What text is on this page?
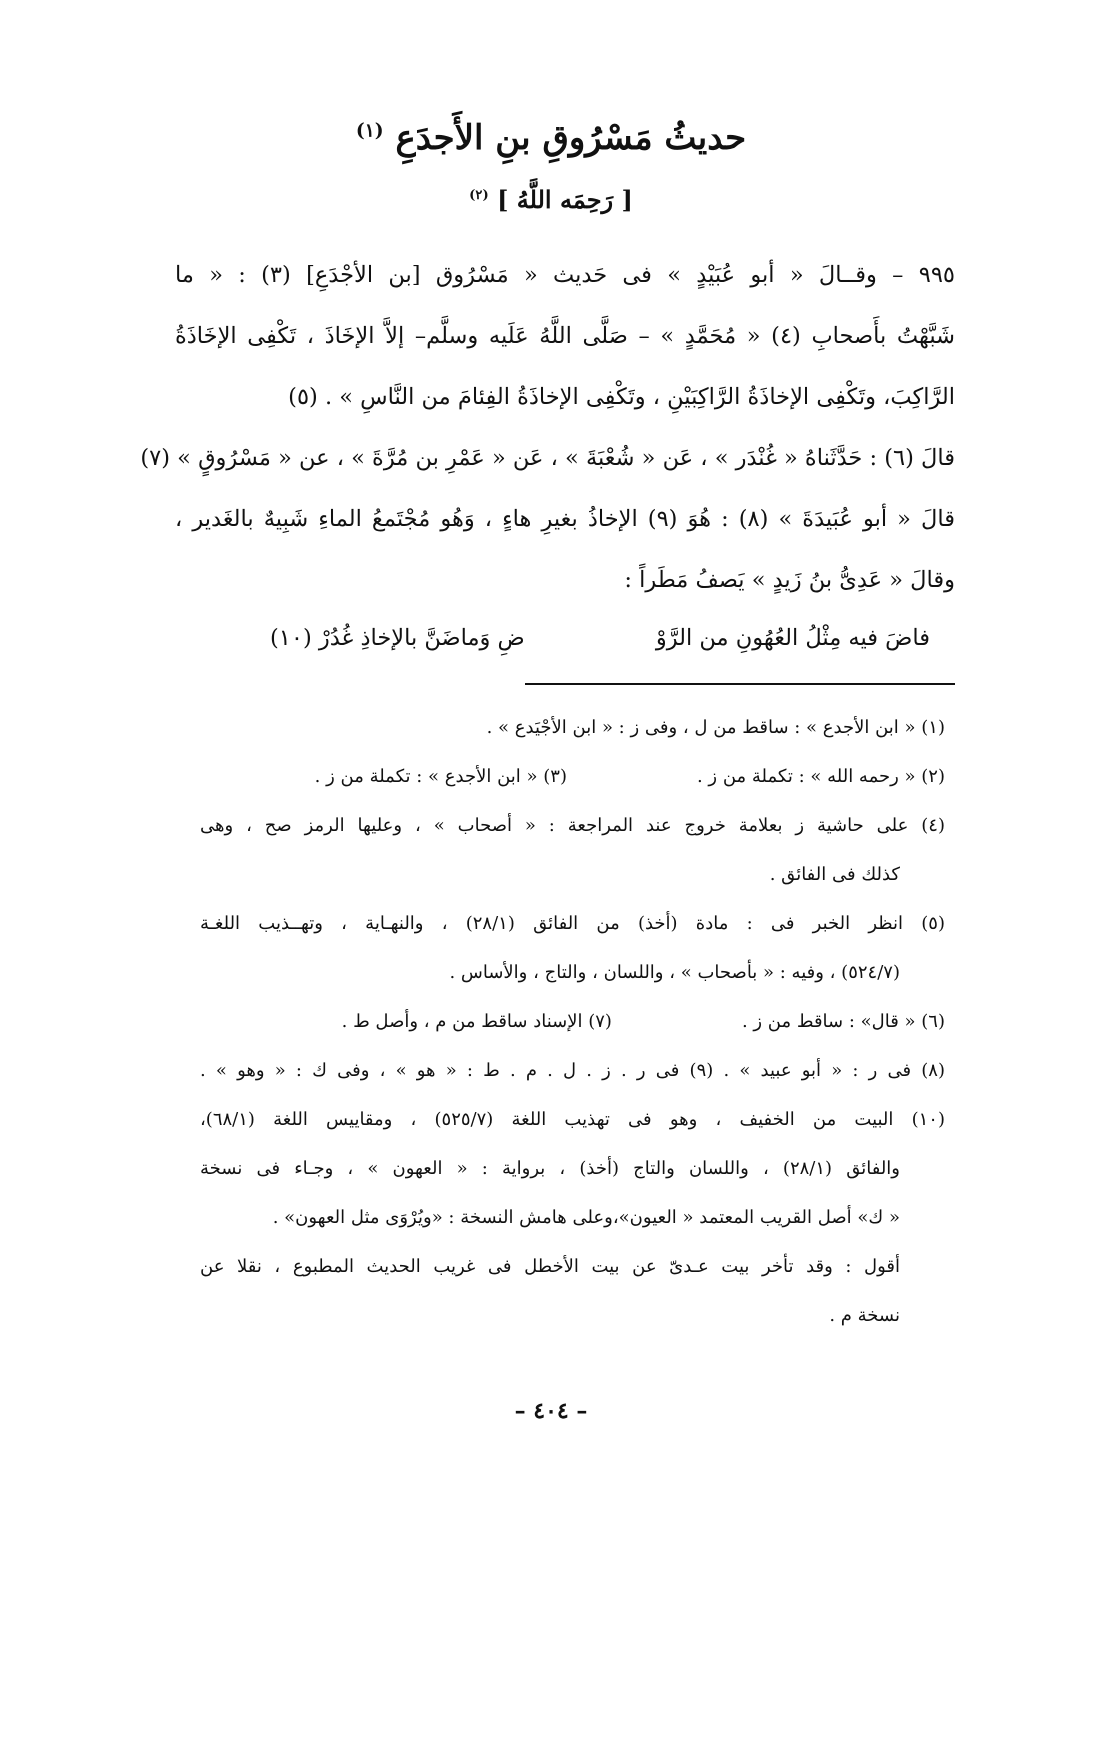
حديثُ مَسْرُوقِ بنِ الأَجدَعِ $^{(١)}$
[ رَحِمَه اللَّهُ ] $^{(٢)}$
٩٩٥ – وقــالَ « أبو عُبَيْدٍ » فى حَديث « مَسْرُوق [بن الأجْدَعِ] (٣) : « ما
شَبَّهْتُ بأَصحابِ (٤) « مُحَمَّدٍ » – صَلَّى اللَّهُ عَلَيه وسلَّم– إلاَّ الإخَاذَ ، تَكْفِى الإخَاذَةُ
الرَّاكِبَ، وتَكْفِى الإخاذَةُ الرَّاكِبَيْنِ ، وتَكْفِى الإخاذَةُ الفِئامَ من النَّاسِ » . (٥)
قالَ (٦) : حَدَّثَناهُ « غُنْدَر » ، عَن « شُعْبَةَ » ، عَن « عَمْرِ بن مُرَّةَ » ، عن « مَسْرُوقٍ » (٧)
قالَ « أبو عُبَيدَةَ » (٨) : هُوَ (٩) الإخاذُ بغيرِ هاءٍ ، وَهُو مُجْتَمعُ الماءِ شَبِيهٌ بالغَدير ،
وقالَ « عَدِىُّ بنُ زَيدٍ » يَصفُ مَطَراً :
فاضَ فيه مِثْلُ العُهُونِ من الرَّوْ
ضِ وَماضَنَّ بالإخاذِ غُدُرْ (١٠)
(١) « ابن الأجدع » : ساقط من ل ، وفى ز : « ابن الأجْيَدع » .
(٢) « رحمه الله » : تكملة من ز .
(٣) « ابن الأجدع » : تكملة من ز .
(٤) على حاشية ز بعلامة خروج عند المراجعة : « أصحاب » ، وعليها الرمز صح ، وهى
كذلك فى الفائق .
(٥) انظر الخبر فى : مادة (أخذ) من الفائق (٢٨/١) ، والنهـاية ، وتهــذيب اللغـة
(٥٢٤/٧) ، وفيه : « بأصحاب » ، واللسان ، والتاج ، والأساس .
(٦) « قال» : ساقط من ز .
(٧) الإسناد ساقط من م ، وأصل ط .
(٨) فى ر : « أبو عبيد » . (٩) فى ر . ز . ل . م . ط : « هو » ، وفى ك : « وهو » .
(١٠) البيت من الخفيف ، وهو فى تهذيب اللغة (٥٢٥/٧) ، ومقاييس اللغة (٦٨/١)،
والفائق (٢٨/١) ، واللسان والتاج (أخذ) ، برواية : « العهون » ، وجـاء فى نسخة
« ك» أصل القريب المعتمد « العيون»،وعلى هامش النسخة : «ويُرْوَى مثل العهون» .
أقول : وقد تأخر بيت عـدىّ عن بيت الأخطل فى غريب الحديث المطبوع ، نقلا عن
نسخة م .
– ٤٠٤ –
